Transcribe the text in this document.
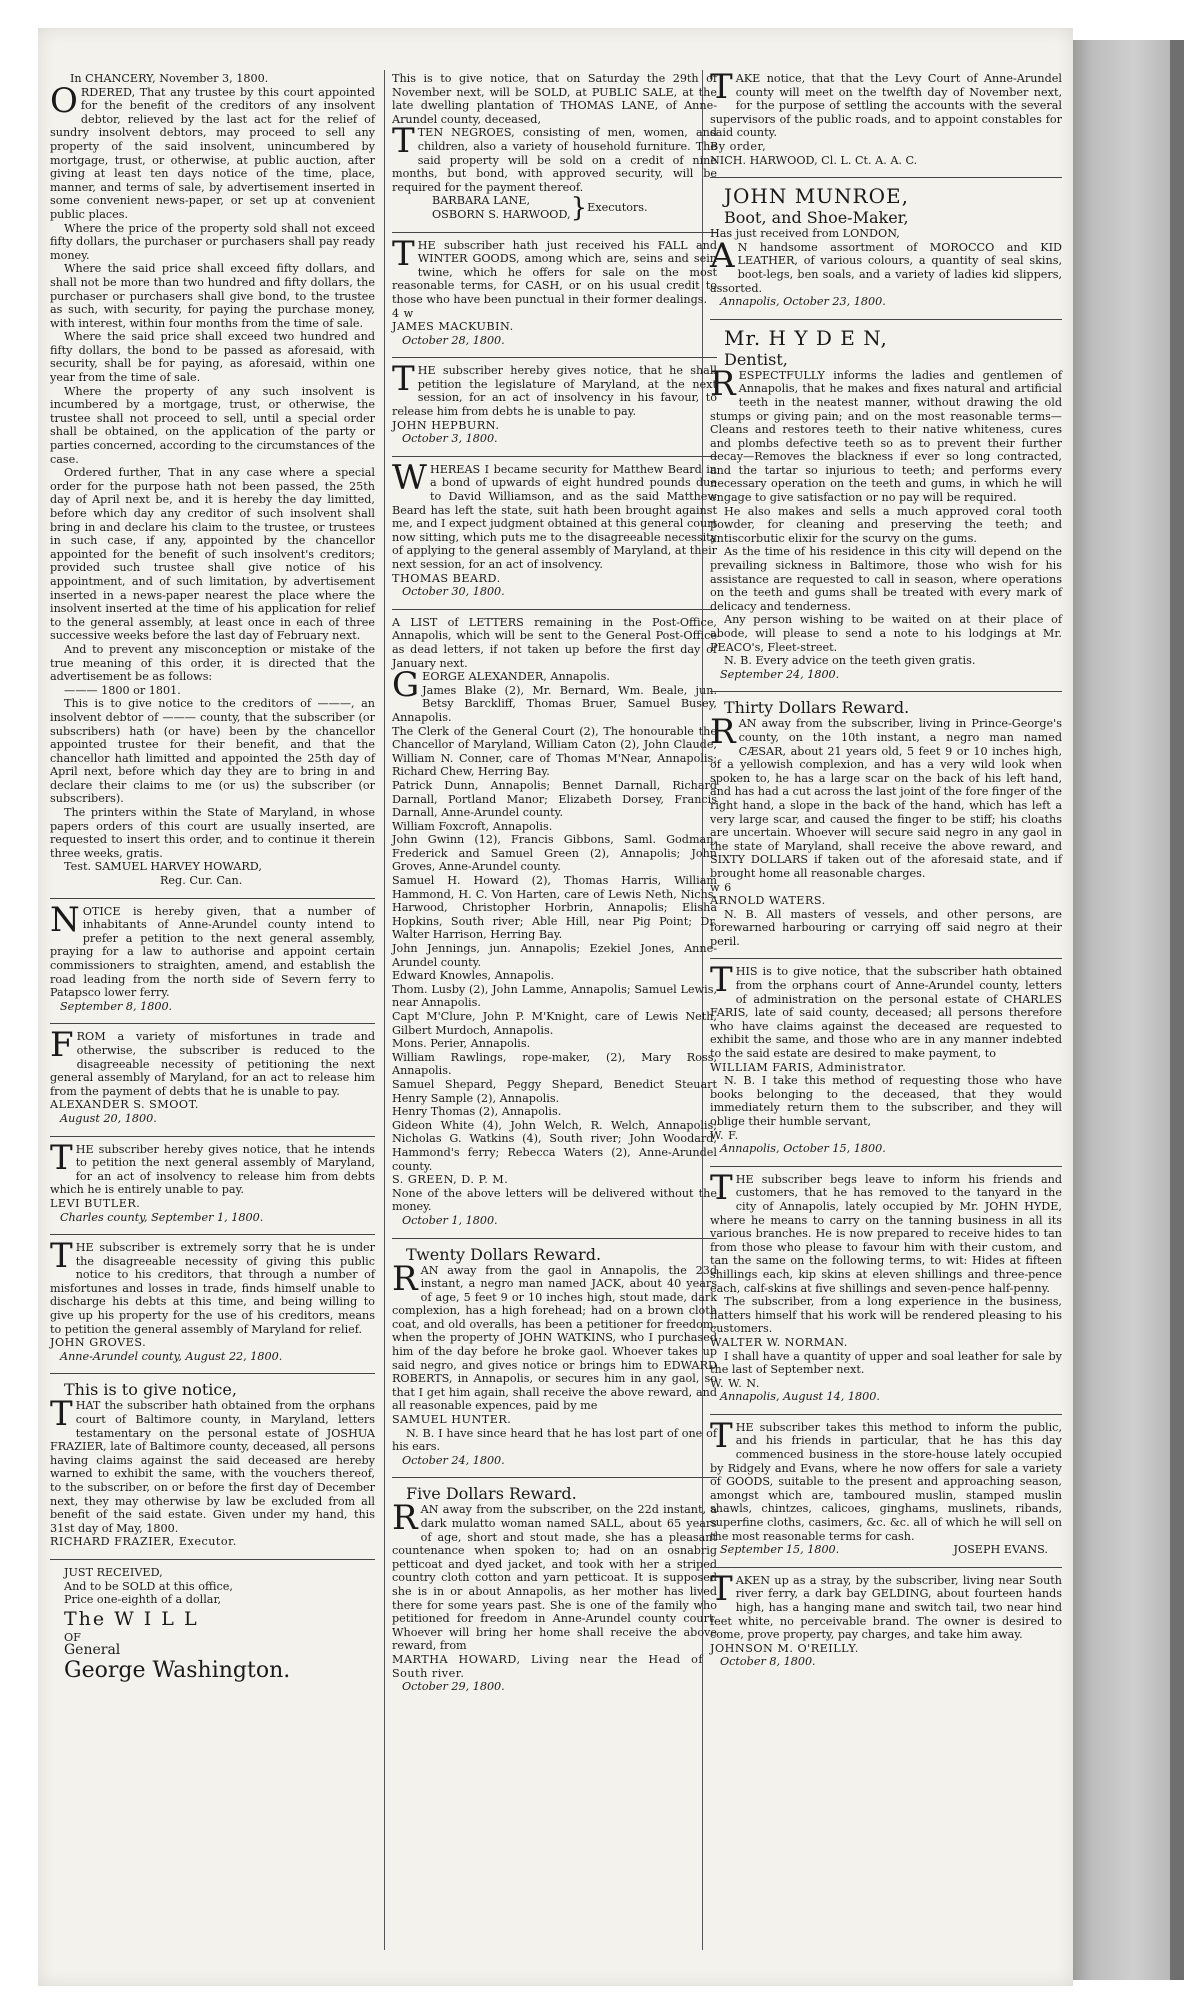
In CHANCERY, November 3, 1800.

ORDERED, That any trustee by this court appointed for the benefit of the creditors of any insolvent debtor, relieved by the last act for the relief of sundry insolvent debtors, may proceed to sell any property of the said insolvent, unincumbered by mortgage, trust, or otherwise, at public auction, after giving at least ten days notice of the time, place, manner, and terms of sale, by advertisement inserted in some convenient news-paper, or set up at convenient public places.

Where the price of the property sold shall not exceed fifty dollars, the purchaser or purchasers shall pay ready money.

Where the said price shall exceed fifty dollars, and shall not be more than two hundred and fifty dollars, the purchaser or purchasers shall give bond, to the trustee as such, with security, for paying the purchase money, with interest, within four months from the time of sale.

Where the said price shall exceed two hundred and fifty dollars, the bond to be passed as aforesaid, with security, shall be for paying, as aforesaid, within one year from the time of sale.

Where the property of any such insolvent is incumbered by a mortgage, trust, or otherwise, the trustee shall not proceed to sell, until a special order shall be obtained, on the application of the party or parties concerned, according to the circumstances of the case.

Ordered further, That in any case where a special order for the purpose hath not been passed, the 25th day of April next be, and it is hereby the day limitted, before which day any creditor of such insolvent shall bring in and declare his claim to the trustee, or trustees in such case, if any, appointed by the chancellor appointed for the benefit of such insolvent's creditors; provided such trustee shall give notice of his appointment, and of such limitation, by advertisement inserted in a news-paper nearest the place where the insolvent inserted at the time of his application for relief to the general assembly, at least once in each of three successive weeks before the last day of February next.

And to prevent any misconception or mistake of the true meaning of this order, it is directed that the advertisement be as follows:

——— 1800 or 1801.

This is to give notice to the creditors of ———, an insolvent debtor of ——— county, that the subscriber (or subscribers) hath (or have) been by the chancellor appointed trustee for their benefit, and that the chancellor hath limitted and appointed the 25th day of April next, before which day they are to bring in and declare their claims to me (or us) the subscriber (or subscribers).

The printers within the State of Maryland, in whose papers orders of this court are usually inserted, are requested to insert this order, and to continue it therein three weeks, gratis.

Test. SAMUEL HARVEY HOWARD,

Reg. Cur. Can.

NOTICE is hereby given, that a number of inhabitants of Anne-Arundel county intend to prefer a petition to the next general assembly, praying for a law to authorise and appoint certain commissioners to straighten, amend, and establish the road leading from the north side of Severn ferry to Patapsco lower ferry.

September 8, 1800.

FROM a variety of misfortunes in trade and otherwise, the subscriber is reduced to the disagreeable necessity of petitioning the next general assembly of Maryland, for an act to release him from the payment of debts that he is unable to pay.

ALEXANDER S. SMOOT.

August 20, 1800.

THE subscriber hereby gives notice, that he intends to petition the next general assembly of Maryland, for an act of insolvency to release him from debts which he is entirely unable to pay.

LEVI BUTLER.

Charles county, September 1, 1800.

THE subscriber is extremely sorry that he is under the disagreeable necessity of giving this public notice to his creditors, that through a number of misfortunes and losses in trade, finds himself unable to discharge his debts at this time, and being willing to give up his property for the use of his creditors, means to petition the general assembly of Maryland for relief.

JOHN GROVES.

Anne-Arundel county, August 22, 1800.

This is to give notice,

THAT the subscriber hath obtained from the orphans court of Baltimore county, in Maryland, letters testamentary on the personal estate of JOSHUA FRAZIER, late of Baltimore county, deceased, all persons having claims against the said deceased are hereby warned to exhibit the same, with the vouchers thereof, to the subscriber, on or before the first day of December next, they may otherwise by law be excluded from all benefit of the said estate. Given under my hand, this 31st day of May, 1800.

RICHARD FRAZIER, Executor.

JUST RECEIVED,

And to be SOLD at this office,

Price one-eighth of a dollar,

The W I L L

OF

General

George Washington.

This is to give notice, that on Saturday the 29th of November next, will be SOLD, at PUBLIC SALE, at the late dwelling plantation of THOMAS LANE, of Anne-Arundel county, deceased,

TTEN NEGROES, consisting of men, women, and children, also a variety of household furniture. The said property will be sold on a credit of nine months, but bond, with approved security, will be required for the payment thereof.

BARBARA LANE,

OSBORN S. HARWOOD, } Executors.

THE subscriber hath just received his FALL and WINTER GOODS, among which are, seins and sein twine, which he offers for sale on the most reasonable terms, for CASH, or on his usual credit to those who have been punctual in their former dealings.

4 w

JAMES MACKUBIN.

October 28, 1800.

THE subscriber hereby gives notice, that he shall petition the legislature of Maryland, at the next session, for an act of insolvency in his favour, to release him from debts he is unable to pay.

JOHN HEPBURN.

October 3, 1800.

WHEREAS I became security for Matthew Beard in a bond of upwards of eight hundred pounds due to David Williamson, and as the said Matthew Beard has left the state, suit hath been brought against me, and I expect judgment obtained at this general court now sitting, which puts me to the disagreeable necessity of applying to the general assembly of Maryland, at their next session, for an act of insolvency.

THOMAS BEARD.

October 30, 1800.

A LIST of LETTERS remaining in the Post-Office, Annapolis, which will be sent to the General Post-Office as dead letters, if not taken up before the first day of January next.

GEORGE ALEXANDER, Annapolis.

James Blake (2), Mr. Bernard, Wm. Beale, jun. Betsy Barckliff, Thomas Bruer, Samuel Busey, Annapolis.

The Clerk of the General Court (2), The honourable the Chancellor of Maryland, William Caton (2), John Claude, William N. Conner, care of Thomas M'Near, Annapolis; Richard Chew, Herring Bay.

Patrick Dunn, Annapolis; Bennet Darnall, Richard Darnall, Portland Manor; Elizabeth Dorsey, Francis Darnall, Anne-Arundel county.

William Foxcroft, Annapolis.

John Gwinn (12), Francis Gibbons, Saml. Godman, Frederick and Samuel Green (2), Annapolis; John Groves, Anne-Arundel county.

Samuel H. Howard (2), Thomas Harris, William Hammond, H. C. Von Harten, care of Lewis Neth, Nichs. Harwood, Christopher Horbrin, Annapolis; Elisha Hopkins, South river; Able Hill, near Pig Point; Dr. Walter Harrison, Herring Bay.

John Jennings, jun. Annapolis; Ezekiel Jones, Anne-Arundel county.

Edward Knowles, Annapolis.

Thom. Lusby (2), John Lamme, Annapolis; Samuel Lewis, near Annapolis.

Capt M'Clure, John P. M'Knight, care of Lewis Neth, Gilbert Murdoch, Annapolis.

Mons. Perier, Annapolis.

William Rawlings, rope-maker, (2), Mary Ross, Annapolis.

Samuel Shepard, Peggy Shepard, Benedict Steuart Henry Sample (2), Annapolis.

Henry Thomas (2), Annapolis.

Gideon White (4), John Welch, R. Welch, Annapolis; Nicholas G. Watkins (4), South river; John Woodard, Hammond's ferry; Rebecca Waters (2), Anne-Arundel county.

S. GREEN, D. P. M.

None of the above letters will be delivered without the money.

October 1, 1800.

Twenty Dollars Reward.

RAN away from the gaol in Annapolis, the 23d instant, a negro man named JACK, about 40 years of age, 5 feet 9 or 10 inches high, stout made, dark complexion, has a high forehead; had on a brown cloth coat, and old overalls, has been a petitioner for freedom, when the property of JOHN WATKINS, who I purchased him of the day before he broke gaol. Whoever takes up said negro, and gives notice or brings him to EDWARD ROBERTS, in Annapolis, or secures him in any gaol, so that I get him again, shall receive the above reward, and all reasonable expences, paid by me

SAMUEL HUNTER.

N. B. I have since heard that he has lost part of one of his ears.

October 24, 1800.

Five Dollars Reward.

RAN away from the subscriber, on the 22d instant, a dark mulatto woman named SALL, about 65 years of age, short and stout made, she has a pleasant countenance when spoken to; had on an osnabrig petticoat and dyed jacket, and took with her a striped country cloth cotton and yarn petticoat. It is supposed she is in or about Annapolis, as her mother has lived there for some years past. She is one of the family who petitioned for freedom in Anne-Arundel county court. Whoever will bring her home shall receive the above reward, from

MARTHA HOWARD, Living near the Head of South river.

October 29, 1800.

TAKE notice, that that the Levy Court of Anne-Arundel county will meet on the twelfth day of November next, for the purpose of settling the accounts with the several supervisors of the public roads, and to appoint constables for said county.

By order,

NICH. HARWOOD, Cl. L. Ct. A. A. C.

JOHN MUNROE,

Boot, and Shoe-Maker,

Has just received from LONDON,

A N handsome assortment of MOROCCO and KID LEATHER, of various colours, a quantity of seal skins, boot-legs, ben soals, and a variety of ladies kid slippers, assorted.

Annapolis, October 23, 1800.

Mr. H Y D E N,

Dentist,

RESPECTFULLY informs the ladies and gentlemen of Annapolis, that he makes and fixes natural and artificial teeth in the neatest manner, without drawing the old stumps or giving pain; and on the most reasonable terms—Cleans and restores teeth to their native whiteness, cures and plombs defective teeth so as to prevent their further decay—Removes the blackness if ever so long contracted, and the tartar so injurious to teeth; and performs every necessary operation on the teeth and gums, in which he will engage to give satisfaction or no pay will be required.

He also makes and sells a much approved coral tooth powder, for cleaning and preserving the teeth; and antiscorbutic elixir for the scurvy on the gums.

As the time of his residence in this city will depend on the prevailing sickness in Baltimore, those who wish for his assistance are requested to call in season, where operations on the teeth and gums shall be treated with every mark of delicacy and tenderness.

Any person wishing to be waited on at their place of abode, will please to send a note to his lodgings at Mr. PEACO's, Fleet-street.

N. B. Every advice on the teeth given gratis.

September 24, 1800.

Thirty Dollars Reward.

RAN away from the subscriber, living in Prince-George's county, on the 10th instant, a negro man named CÆSAR, about 21 years old, 5 feet 9 or 10 inches high, of a yellowish complexion, and has a very wild look when spoken to, he has a large scar on the back of his left hand, and has had a cut across the last joint of the fore finger of the right hand, a slope in the back of the hand, which has left a very large scar, and caused the finger to be stiff; his cloaths are uncertain. Whoever will secure said negro in any gaol in the state of Maryland, shall receive the above reward, and SIXTY DOLLARS if taken out of the aforesaid state, and if brought home all reasonable charges.

w 6

ARNOLD WATERS.

N. B. All masters of vessels, and other persons, are forewarned harbouring or carrying off said negro at their peril.

THIS is to give notice, that the subscriber hath obtained from the orphans court of Anne-Arundel county, letters of administration on the personal estate of CHARLES FARIS, late of said county, deceased; all persons therefore who have claims against the deceased are requested to exhibit the same, and those who are in any manner indebted to the said estate are desired to make payment, to

WILLIAM FARIS, Administrator.

N. B. I take this method of requesting those who have books belonging to the deceased, that they would immediately return them to the subscriber, and they will oblige their humble servant,

W. F.

Annapolis, October 15, 1800.

THE subscriber begs leave to inform his friends and customers, that he has removed to the tanyard in the city of Annapolis, lately occupied by Mr. JOHN HYDE, where he means to carry on the tanning business in all its various branches. He is now prepared to receive hides to tan from those who please to favour him with their custom, and tan the same on the following terms, to wit: Hides at fifteen shillings each, kip skins at eleven shillings and three-pence each, calf-skins at five shillings and seven-pence half-penny.

The subscriber, from a long experience in the business, flatters himself that his work will be rendered pleasing to his customers.

WALTER W. NORMAN.

I shall have a quantity of upper and soal leather for sale by the last of September next.

W. W. N.

Annapolis, August 14, 1800.

THE subscriber takes this method to inform the public, and his friends in particular, that he has this day commenced business in the store-house lately occupied by Ridgely and Evans, where he now offers for sale a variety of GOODS, suitable to the present and approaching season, amongst which are, tamboured muslin, stamped muslin shawls, chintzes, calicoes, ginghams, muslinets, ribands, superfine cloths, casimers, &c. &c. all of which he will sell on the most reasonable terms for cash.

September 15, 1800.	JOSEPH EVANS.

TAKEN up as a stray, by the subscriber, living near South river ferry, a dark bay GELDING, about fourteen hands high, has a hanging mane and switch tail, two near hind feet white, no perceivable brand. The owner is desired to come, prove property, pay charges, and take him away.

JOHNSON M. O'REILLY.

October 8, 1800.
